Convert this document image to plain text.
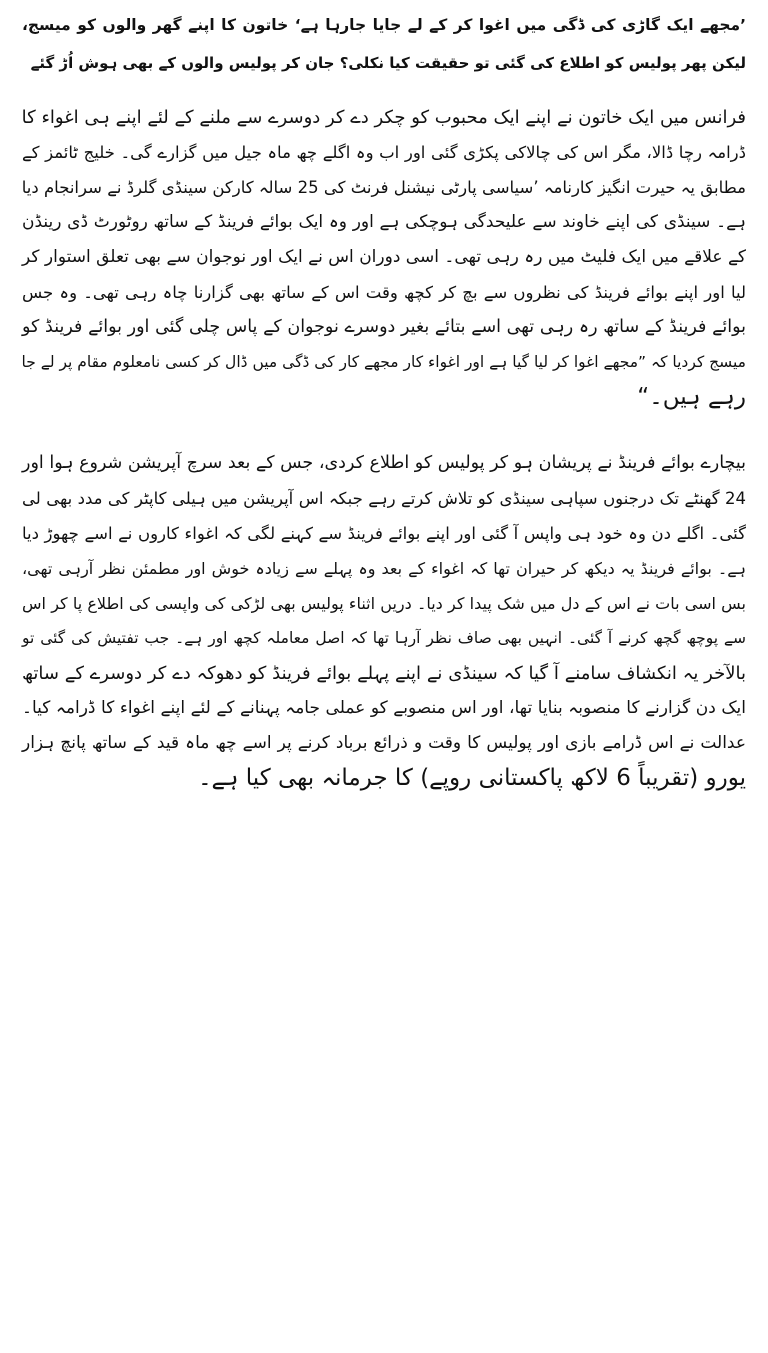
’مجھے ایک گاڑی کی ڈگی میں اغوا کر کے لے جایا جارہا ہے‘ خاتون کا اپنے گھر والوں کو میسج،
لیکن پھر پولیس کو اطلاع کی گئی تو حقیقت کیا نکلی؟ جان کر پولیس والوں کے بھی ہوش اُڑ گئے
فرانس میں ایک خاتون نے اپنے ایک محبوب کو چکر دے کر دوسرے سے ملنے کے لئے اپنے ہی اغواء کا
ڈرامہ رچا ڈالا، مگر اس کی چالاکی پکڑی گئی اور اب وہ اگلے چھ ماہ جیل میں گزارے گی۔ خلیج ٹائمز کے
مطابق یہ حیرت انگیز کارنامہ ’سیاسی پارٹی نیشنل فرنٹ کی 25 سالہ کارکن سینڈی گلرڈ نے سرانجام دیا
ہے۔ سینڈی کی اپنے خاوند سے علیحدگی ہوچکی ہے اور وہ ایک بوائے فرینڈ کے ساتھ روٹورٹ ڈی رینڈن
کے علاقے میں ایک فلیٹ میں رہ رہی تھی۔ اسی دوران اس نے ایک اور نوجوان سے بھی تعلق استوار کر
لیا اور اپنے بوائے فرینڈ کی نظروں سے بچ کر کچھ وقت اس کے ساتھ بھی گزارنا چاہ رہی تھی۔ وہ جس
بوائے فرینڈ کے ساتھ رہ رہی تھی اسے بتائے بغیر دوسرے نوجوان کے پاس چلی گئی اور بوائے فرینڈ کو
میسج کردیا کہ ”مجھے اغوا کر لیا گیا ہے اور اغواء کار مجھے کار کی ڈگی میں ڈال کر کسی نامعلوم مقام پر لے جا
رہے ہیں۔“
بیچارے بوائے فرینڈ نے پریشان ہو کر پولیس کو اطلاع کردی، جس کے بعد سرچ آپریشن شروع ہوا اور
24 گھنٹے تک درجنوں سپاہی سینڈی کو تلاش کرتے رہے جبکہ اس آپریشن میں ہیلی کاپٹر کی مدد بھی لی
گئی۔ اگلے دن وہ خود ہی واپس آ گئی اور اپنے بوائے فرینڈ سے کہنے لگی کہ اغواء کاروں نے اسے چھوڑ دیا
ہے۔ بوائے فرینڈ یہ دیکھ کر حیران تھا کہ اغواء کے بعد وہ پہلے سے زیادہ خوش اور مطمئن نظر آرہی تھی،
بس اسی بات نے اس کے دل میں شک پیدا کر دیا۔ دریں اثناء پولیس بھی لڑکی کی واپسی کی اطلاع پا کر اس
سے پوچھ گچھ کرنے آ گئی۔ انہیں بھی صاف نظر آرہا تھا کہ اصل معاملہ کچھ اور ہے۔ جب تفتیش کی گئی تو
بالآخر یہ انکشاف سامنے آ گیا کہ سینڈی نے اپنے پہلے بوائے فرینڈ کو دھوکہ دے کر دوسرے کے ساتھ
ایک دن گزارنے کا منصوبہ بنایا تھا، اور اس منصوبے کو عملی جامہ پہنانے کے لئے اپنے اغواء کا ڈرامہ کیا۔
عدالت نے اس ڈرامے بازی اور پولیس کا وقت و ذرائع برباد کرنے پر اسے چھ ماہ قید کے ساتھ پانچ ہزار
یورو (تقریباً 6 لاکھ پاکستانی روپے) کا جرمانہ بھی کیا ہے۔
